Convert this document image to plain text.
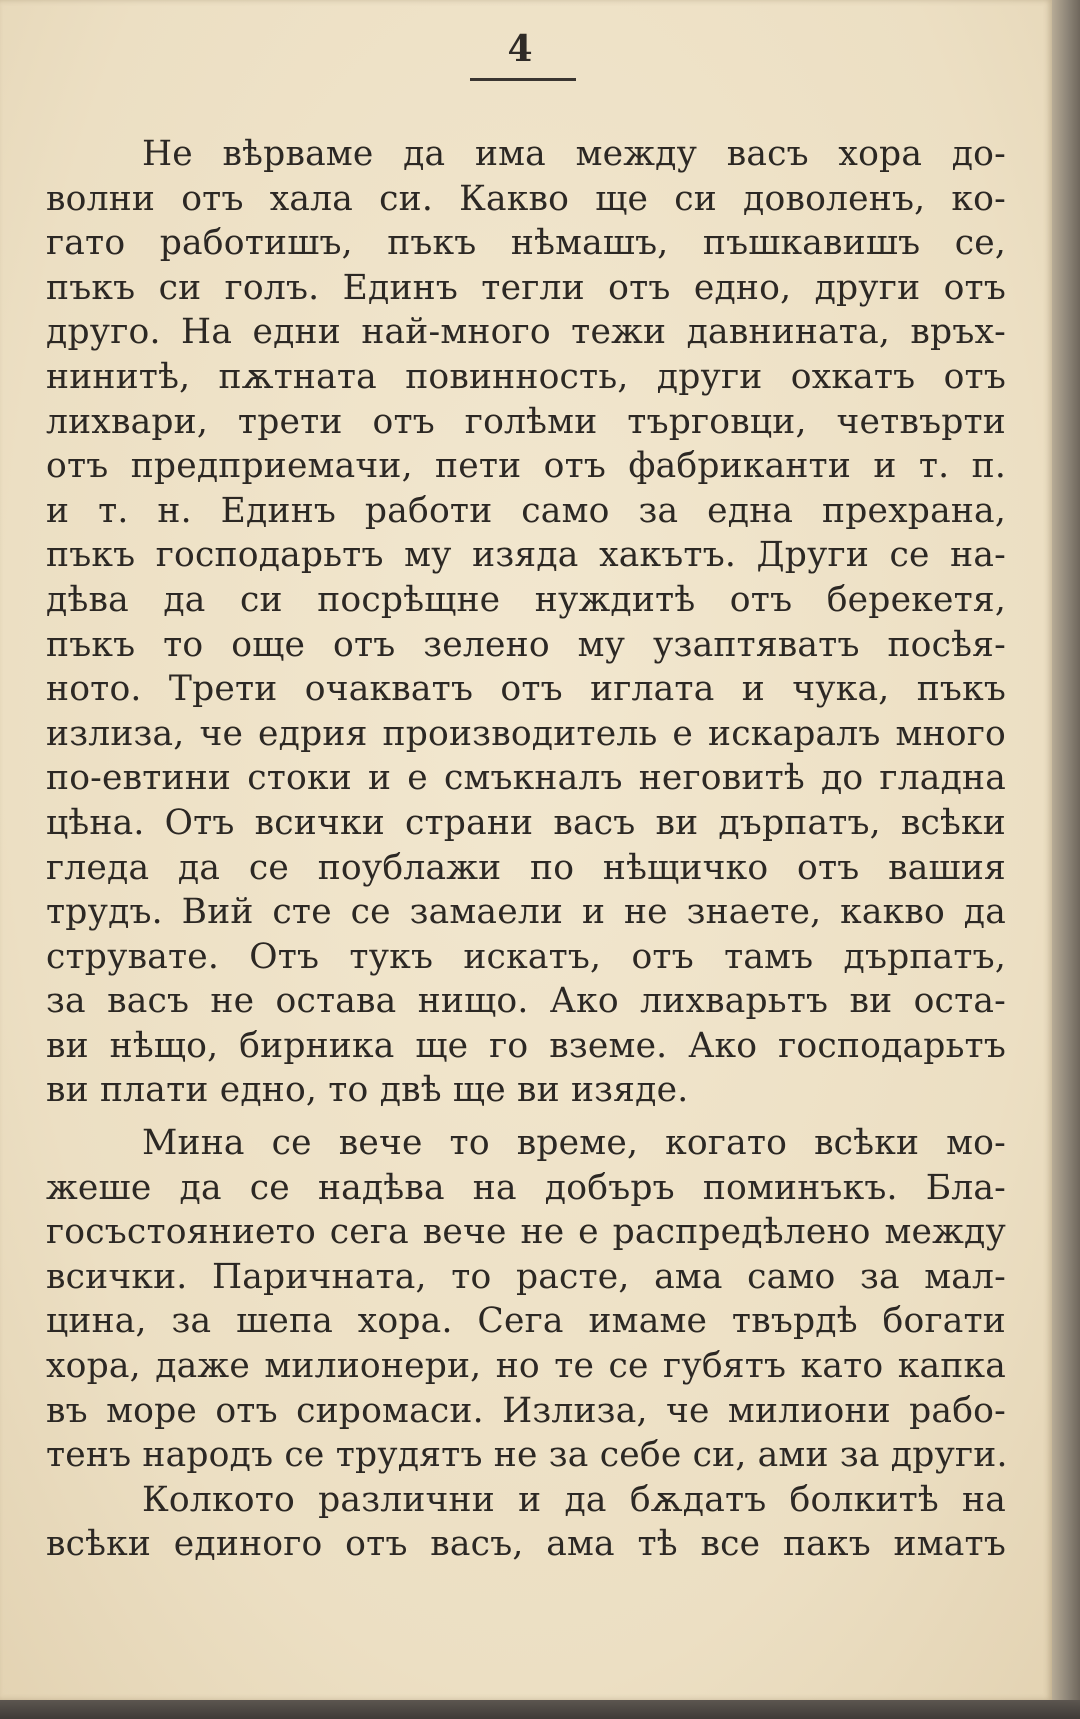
4
Не вѣрваме да има между васъ хора до-
волни отъ хала си. Какво ще си доволенъ, ко-
гато работишъ, пъкъ нѣмашъ, пъшкавишъ се,
пъкъ си голъ. Единъ тегли отъ едно, други отъ
друго. На едни най-много тежи давнината, връх-
нинитѣ, пѫтната повинность, други охкатъ отъ
лихвари, трети отъ голѣми търговци, четвърти
отъ предприемачи, пети отъ фабриканти и т. п.
и т. н. Единъ работи само за една прехрана,
пъкъ господарьтъ му изяда хакътъ. Други се на-
дѣва да си посрѣщне нуждитѣ отъ берекетя,
пъкъ то още отъ зелено му узаптяватъ посѣя-
ното. Трети очакватъ отъ иглата и чука, пъкъ
излиза, че едрия производитель е искаралъ много
по-евтини стоки и е смъкналъ неговитѣ до гладна
цѣна. Отъ всички страни васъ ви дърпатъ, всѣки
гледа да се поублажи по нѣщичко отъ вашия
трудъ. Вий сте се замаели и не знаете, какво да
струвате. Отъ тукъ искатъ, отъ тамъ дърпатъ,
за васъ не остава нищо. Ако лихварьтъ ви оста-
ви нѣщо, бирника ще го вземе. Ако господарьтъ
ви плати едно, то двѣ ще ви изяде.
Мина се вече то време, когато всѣки мо-
жеше да се надѣва на добъръ поминъкъ. Бла-
госъстоянието сега вече не е распредѣлено между
всички. Паричната, то расте, ама само за мал-
цина, за шепа хора. Сега имаме твърдѣ богати
хора, даже милионери, но те се губятъ като капка
въ море отъ сиромаси. Излиза, че милиони рабо-
тенъ народъ се трудятъ не за себе си, ами за други.
Колкото различни и да бѫдатъ болкитѣ на
всѣки единого отъ васъ, ама тѣ все пакъ иматъ
